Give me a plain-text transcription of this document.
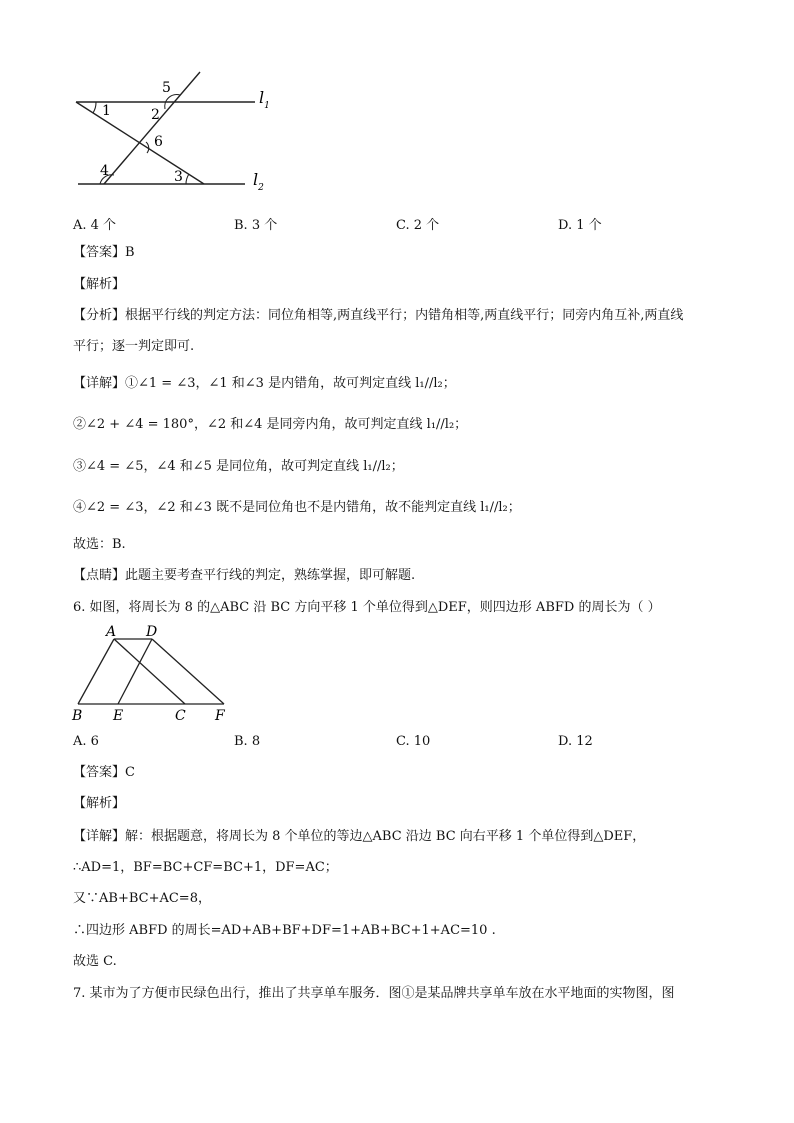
1	2
3
4
5
6
$l_1$
$l_2$
A. 4 个	B. 3 个	C. 2 个	D. 1 个
【答案】B
【解析】
【分析】根据平行线的判定方法：同位角相等,两直线平行；内错角相等,两直线平行；同旁内角互补,两直线
平行；逐一判定即可.
【详解】①∠1 = ∠3，∠1 和∠3 是内错角，故可判定直线 l₁//l₂；
②∠2 + ∠4 = 180°，∠2 和∠4 是同旁内角，故可判定直线 l₁//l₂；
③∠4 = ∠5，∠4 和∠5 是同位角，故可判定直线 l₁//l₂；
④∠2 = ∠3，∠2 和∠3 既不是同位角也不是内错角，故不能判定直线 l₁//l₂；
故选：B.
【点睛】此题主要考查平行线的判定，熟练掌握，即可解题.
6. 如图，将周长为 8 的△ABC 沿 BC 方向平移 1 个单位得到△DEF，则四边形 ABFD 的周长为（ ）
A D
B E	C F
A. 6	B. 8	C. 10	D. 12
【答案】C
【解析】
【详解】解：根据题意，将周长为 8 个单位的等边△ABC 沿边 BC 向右平移 1 个单位得到△DEF，
∴AD=1，BF=BC+CF=BC+1，DF=AC；
又∵AB+BC+AC=8，
∴四边形 ABFD 的周长=AD+AB+BF+DF=1+AB+BC+1+AC=10 .
故选 C.
7. 某市为了方便市民绿色出行，推出了共享单车服务．图①是某品牌共享单车放在水平地面的实物图，图
